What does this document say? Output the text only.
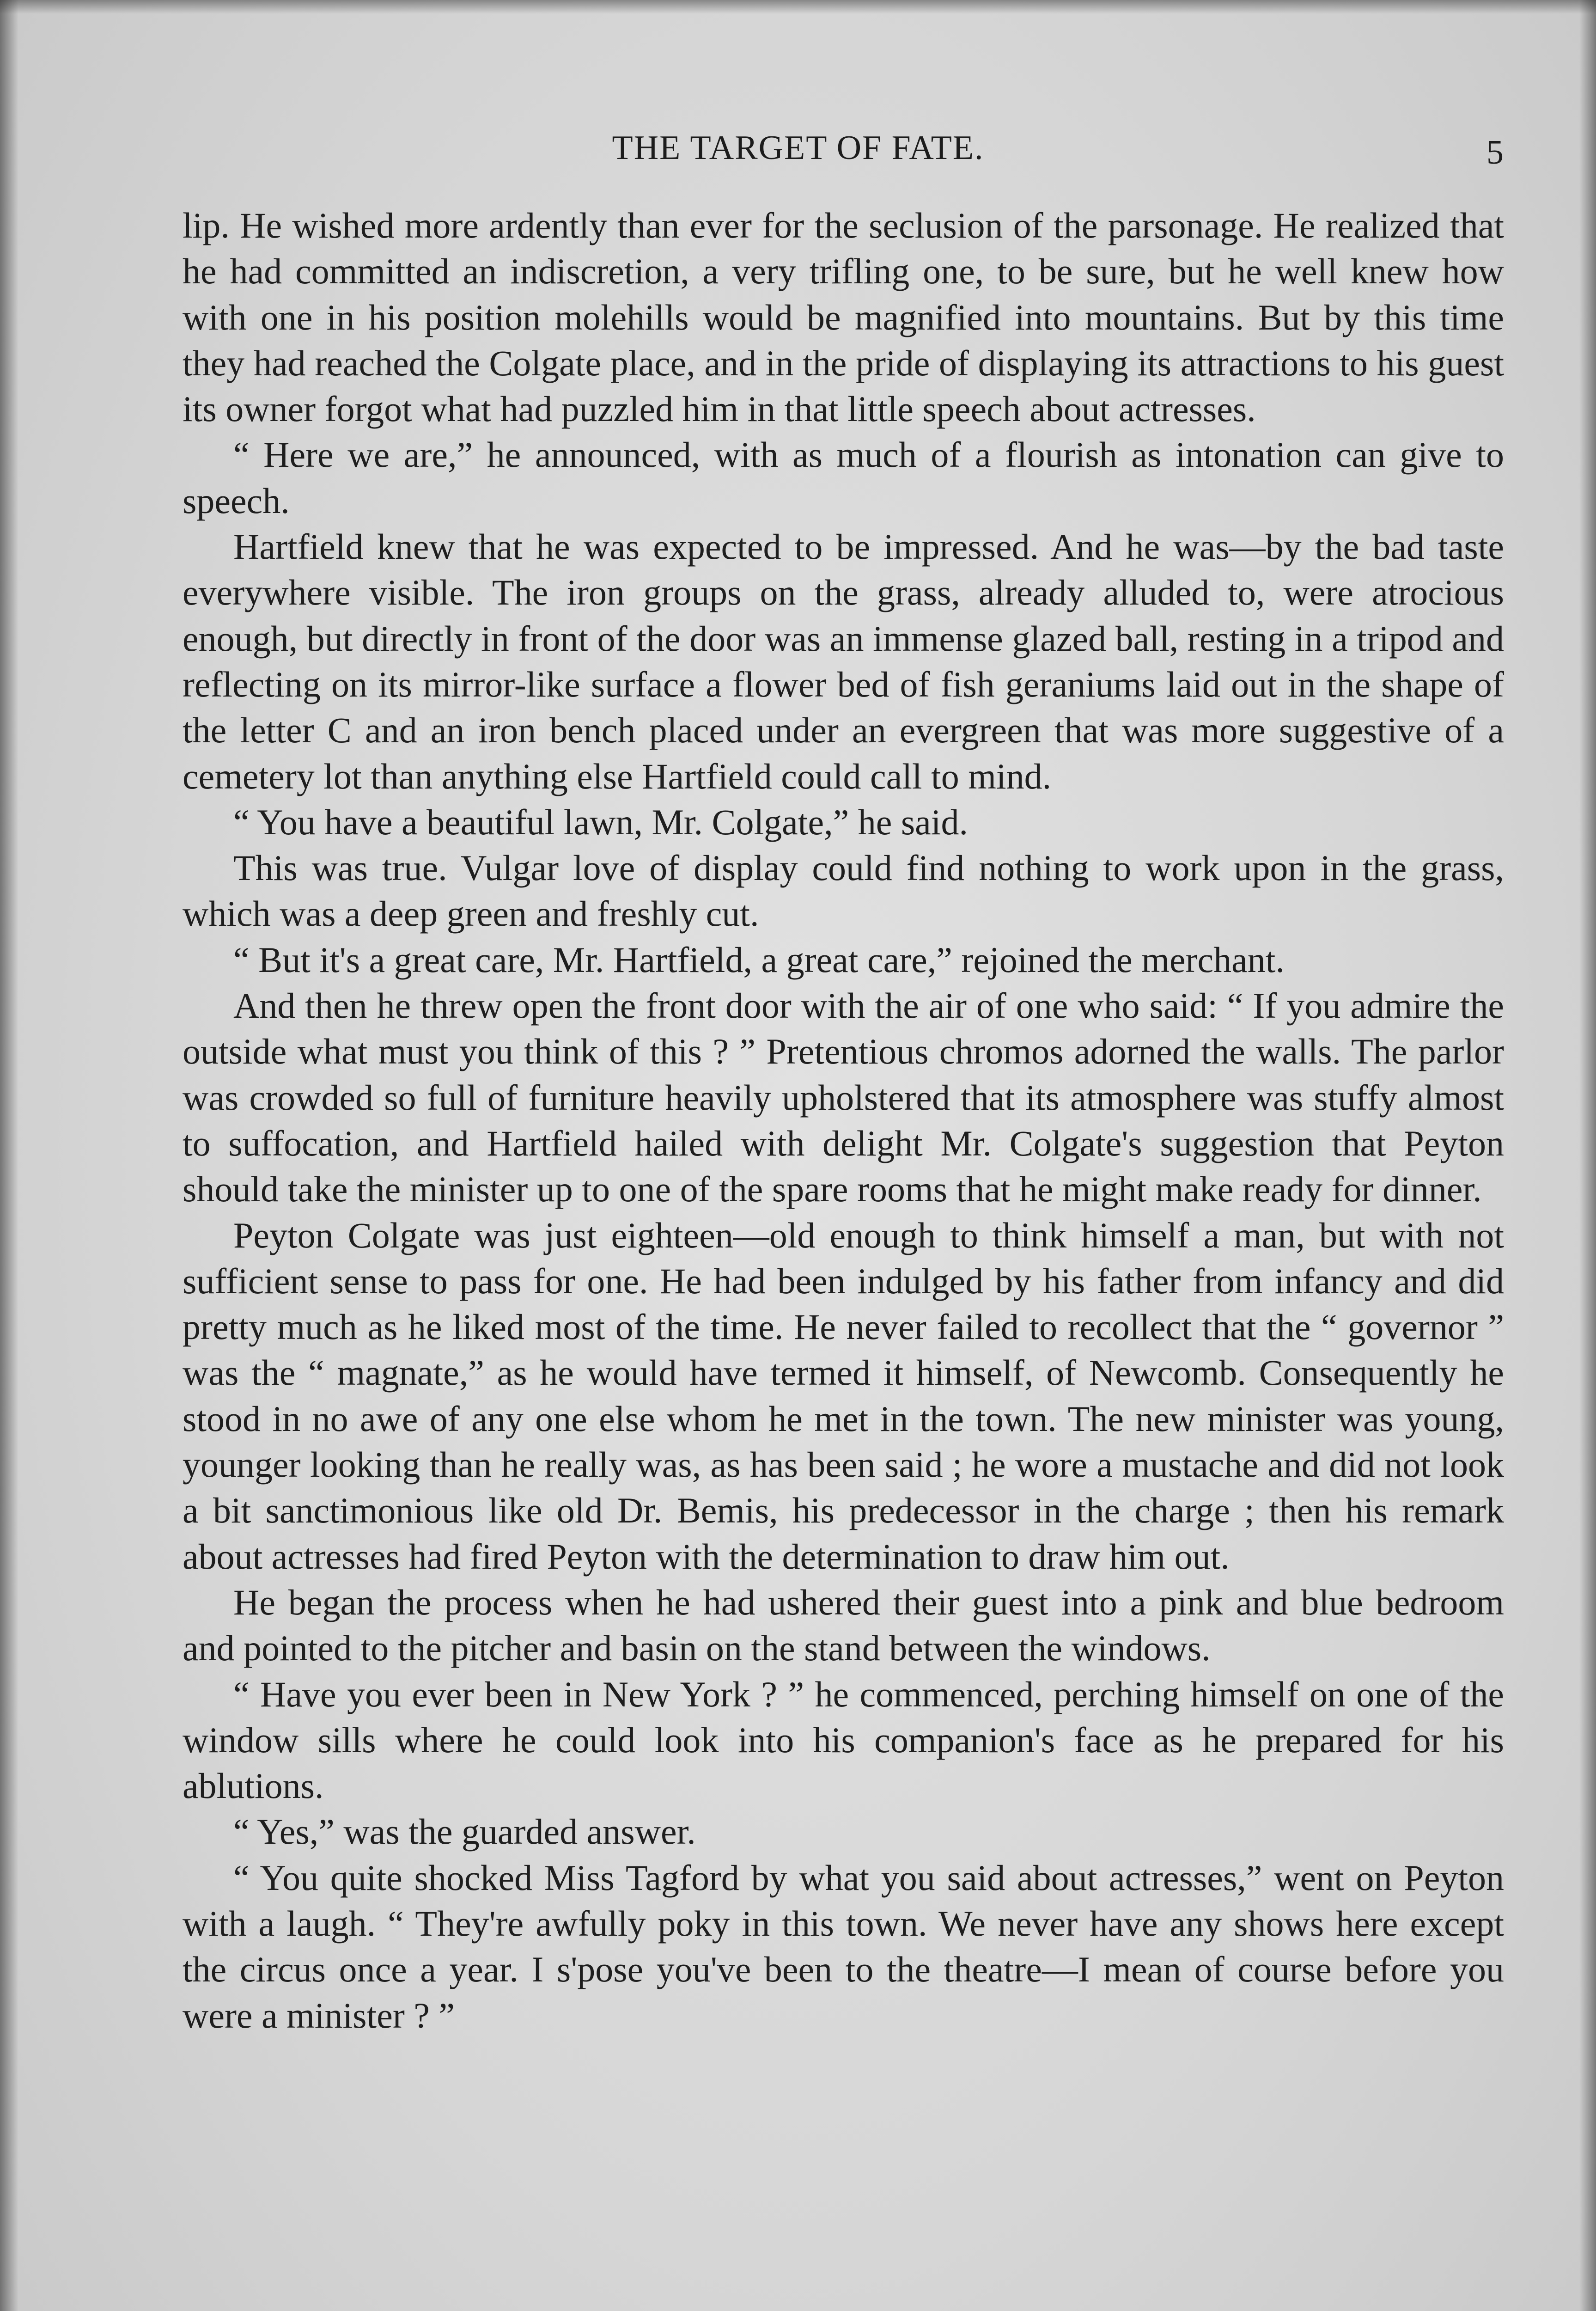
THE TARGET OF FATE.	5

lip. He wished more ardently than ever for the seclusion of the parsonage. He realized that he had committed an indiscretion, a very trifling one, to be sure, but he well knew how with one in his position molehills would be magnified into mountains. But by this time they had reached the Colgate place, and in the pride of displaying its attractions to his guest its owner forgot what had puzzled him in that little speech about actresses.

“ Here we are,” he announced, with as much of a flourish as intonation can give to speech.

Hartfield knew that he was expected to be impressed. And he was—by the bad taste everywhere visible. The iron groups on the grass, already alluded to, were atrocious enough, but directly in front of the door was an immense glazed ball, resting in a tripod and reflecting on its mirror-like surface a flower bed of fish geraniums laid out in the shape of the letter C and an iron bench placed under an evergreen that was more suggestive of a cemetery lot than anything else Hartfield could call to mind.

“ You have a beautiful lawn, Mr. Colgate,” he said.

This was true. Vulgar love of display could find nothing to work upon in the grass, which was a deep green and freshly cut.

“ But it's a great care, Mr. Hartfield, a great care,” rejoined the merchant.

And then he threw open the front door with the air of one who said: “ If you admire the outside what must you think of this ? ” Pretentious chromos adorned the walls. The parlor was crowded so full of furniture heavily upholstered that its atmosphere was stuffy almost to suffocation, and Hartfield hailed with delight Mr. Colgate's suggestion that Peyton should take the minister up to one of the spare rooms that he might make ready for dinner.

Peyton Colgate was just eighteen—old enough to think himself a man, but with not sufficient sense to pass for one. He had been indulged by his father from infancy and did pretty much as he liked most of the time. He never failed to recollect that the “ governor ” was the “ magnate,” as he would have termed it himself, of Newcomb. Consequently he stood in no awe of any one else whom he met in the town. The new minister was young, younger looking than he really was, as has been said ; he wore a mustache and did not look a bit sanctimonious like old Dr. Bemis, his predecessor in the charge ; then his remark about actresses had fired Peyton with the determination to draw him out.

He began the process when he had ushered their guest into a pink and blue bedroom and pointed to the pitcher and basin on the stand between the windows.

“ Have you ever been in New York ? ” he commenced, perching himself on one of the window sills where he could look into his companion's face as he prepared for his ablutions.

“ Yes,” was the guarded answer.

“ You quite shocked Miss Tagford by what you said about actresses,” went on Peyton with a laugh. “ They're awfully poky in this town. We never have any shows here except the circus once a year. I s'pose you've been to the theatre—I mean of course before you were a minister ? ”
